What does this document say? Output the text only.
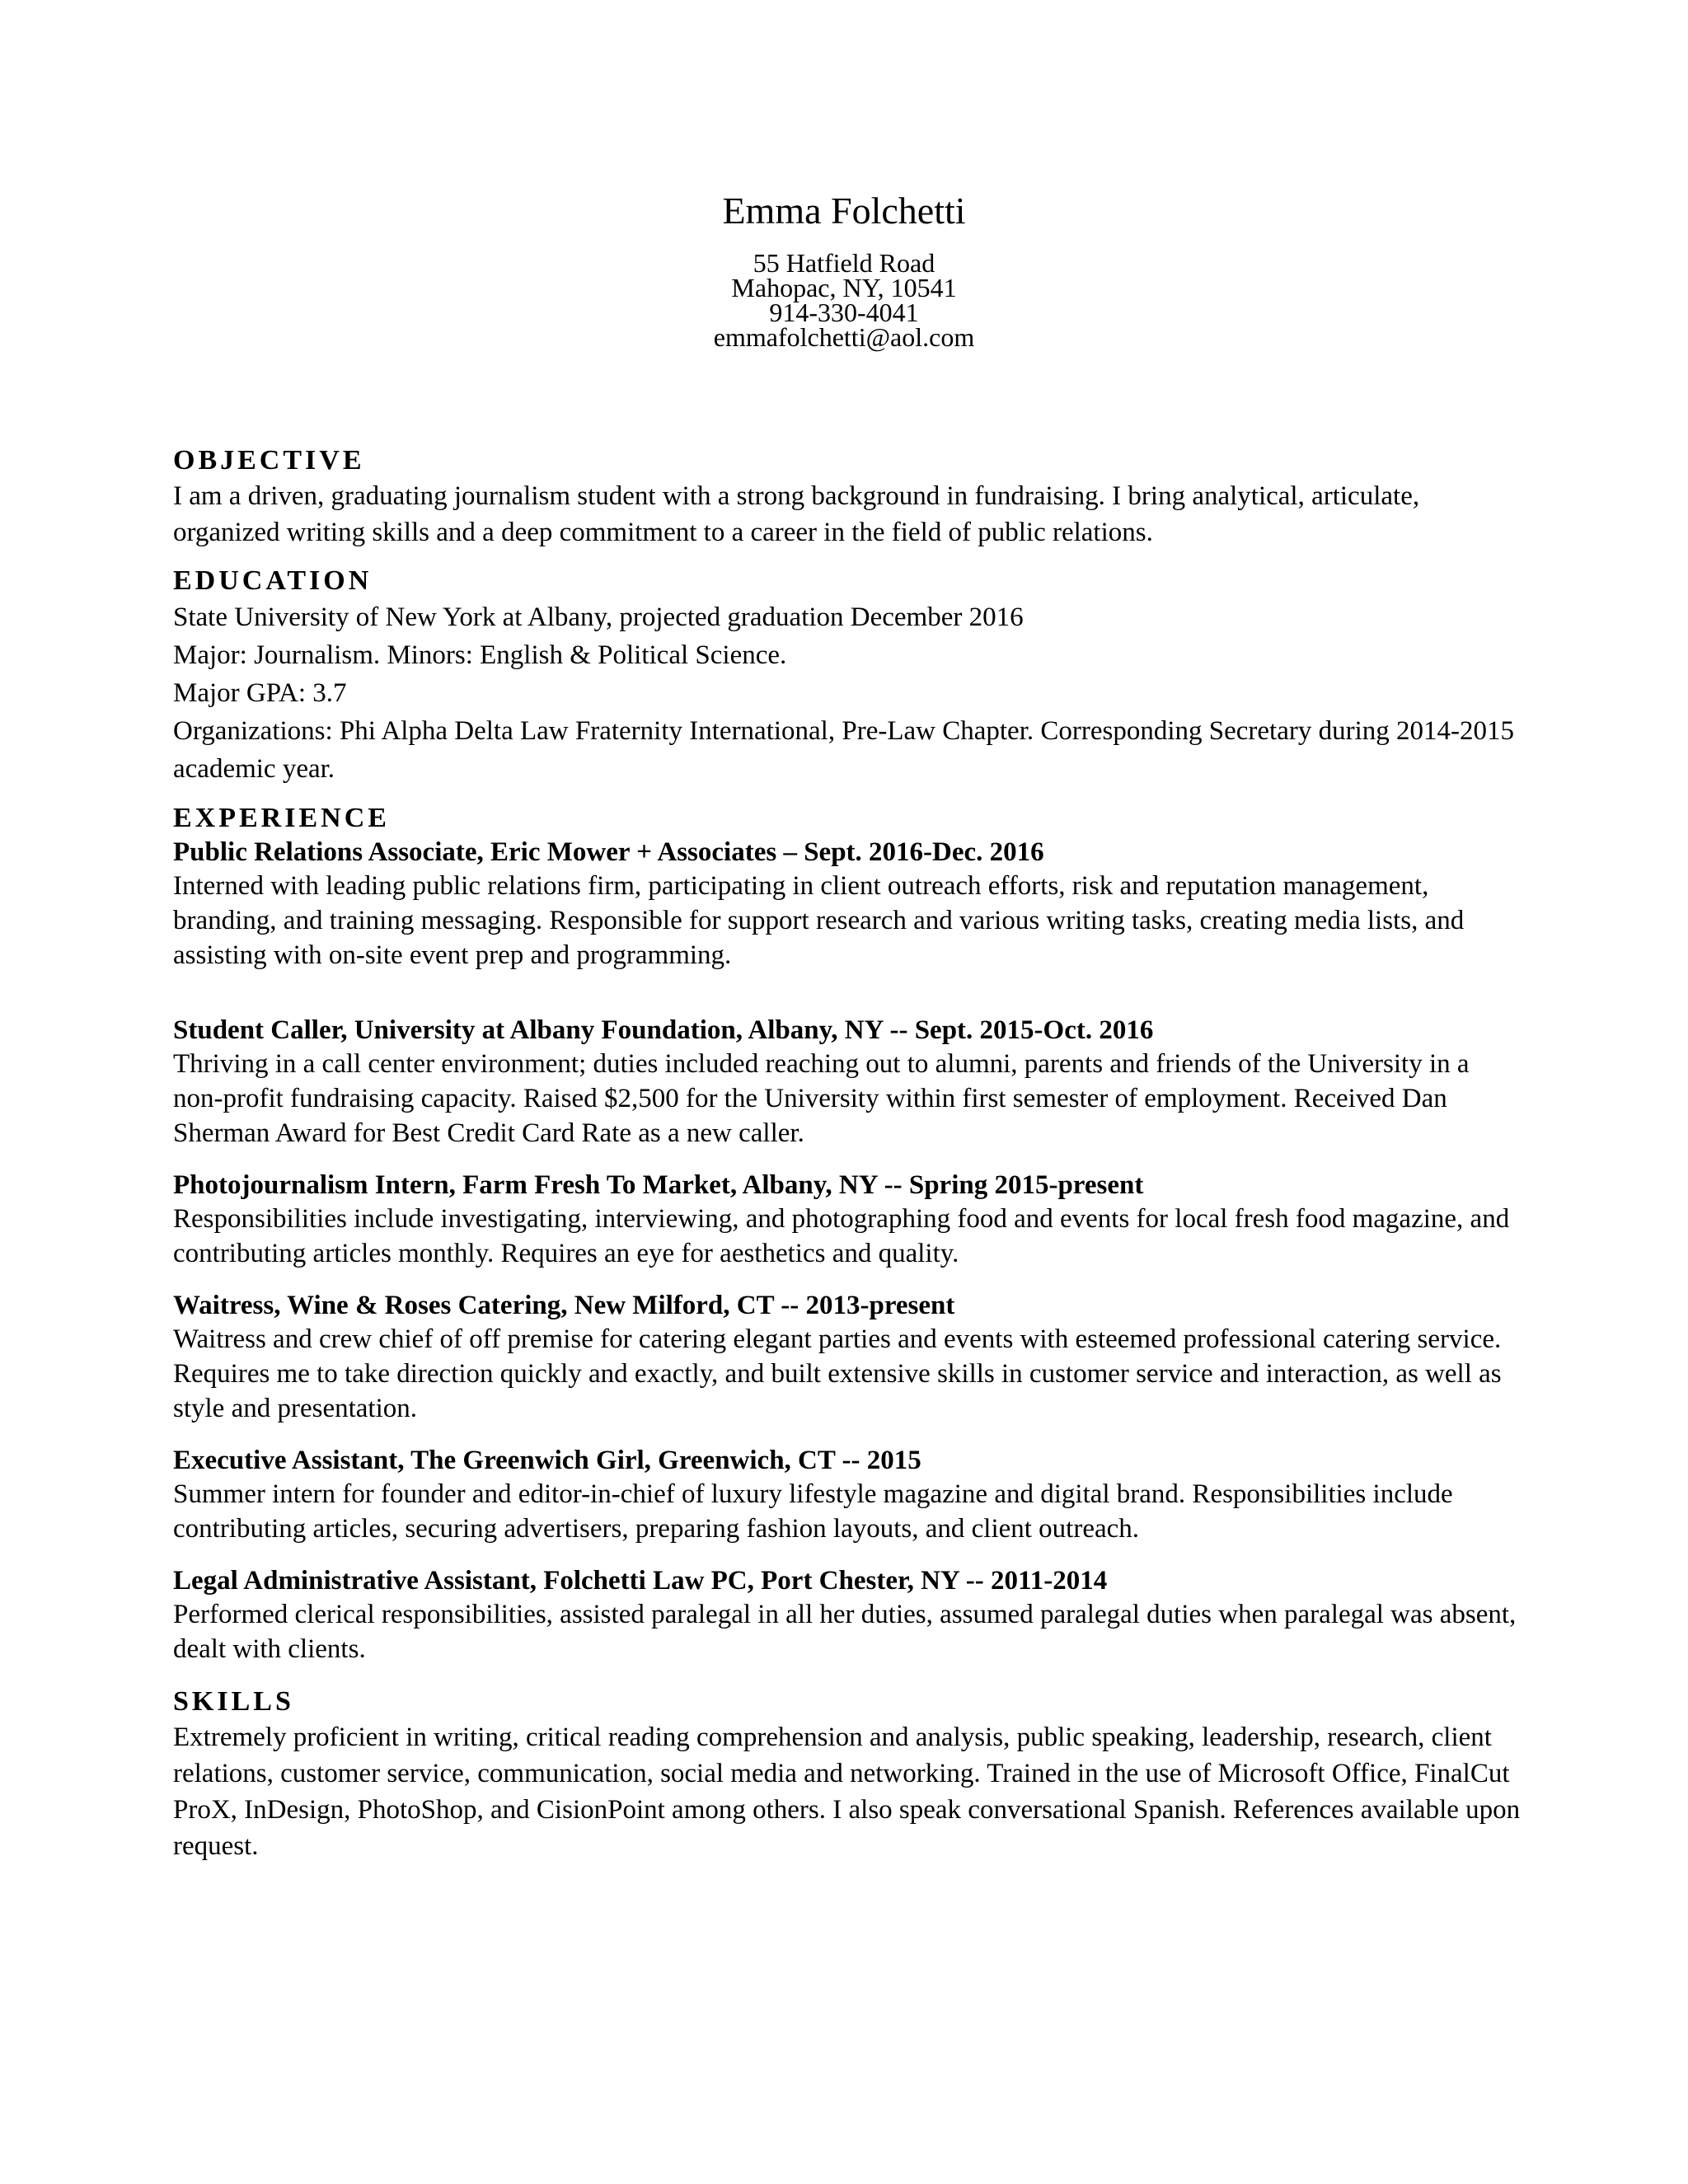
Emma Folchetti
55 Hatfield Road
Mahopac, NY, 10541
914-330-4041
emmafolchetti@aol.com
OBJECTIVE
I am a driven, graduating journalism student with a strong background in fundraising. I bring analytical, articulate, organized writing skills and a deep commitment to a career in the field of public relations.
EDUCATION
State University of New York at Albany, projected graduation December 2016
Major: Journalism. Minors: English & Political Science.
Major GPA: 3.7
Organizations: Phi Alpha Delta Law Fraternity International, Pre-Law Chapter. Corresponding Secretary during 2014-2015 academic year.
EXPERIENCE
Public Relations Associate, Eric Mower + Associates – Sept. 2016-Dec. 2016
Interned with leading public relations firm, participating in client outreach efforts, risk and reputation management, branding, and training messaging. Responsible for support research and various writing tasks, creating media lists, and assisting with on-site event prep and programming.
Student Caller, University at Albany Foundation, Albany, NY -- Sept. 2015-Oct. 2016
Thriving in a call center environment; duties included reaching out to alumni, parents and friends of the University in a non-profit fundraising capacity. Raised $2,500 for the University within first semester of employment. Received Dan Sherman Award for Best Credit Card Rate as a new caller.
Photojournalism Intern, Farm Fresh To Market, Albany, NY -- Spring 2015-present
Responsibilities include investigating, interviewing, and photographing food and events for local fresh food magazine, and contributing articles monthly. Requires an eye for aesthetics and quality.
Waitress, Wine & Roses Catering, New Milford, CT -- 2013-present
Waitress and crew chief of off premise for catering elegant parties and events with esteemed professional catering service. Requires me to take direction quickly and exactly, and built extensive skills in customer service and interaction, as well as style and presentation.
Executive Assistant, The Greenwich Girl, Greenwich, CT -- 2015
Summer intern for founder and editor-in-chief of luxury lifestyle magazine and digital brand. Responsibilities include contributing articles, securing advertisers, preparing fashion layouts, and client outreach.
Legal Administrative Assistant, Folchetti Law PC, Port Chester, NY -- 2011-2014
Performed clerical responsibilities, assisted paralegal in all her duties, assumed paralegal duties when paralegal was absent, dealt with clients.
SKILLS
Extremely proficient in writing, critical reading comprehension and analysis, public speaking, leadership, research, client relations, customer service, communication, social media and networking. Trained in the use of Microsoft Office, FinalCut ProX, InDesign, PhotoShop, and CisionPoint among others. I also speak conversational Spanish. References available upon request.
